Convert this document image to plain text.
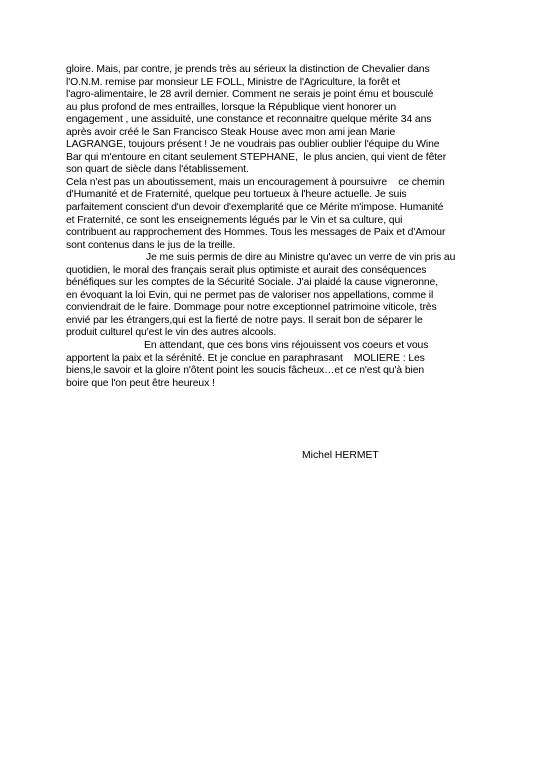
gloire. Mais, par contre, je prends très au sérieux la distinction de Chevalier dans
l'O.N.M. remise par monsieur LE FOLL, Ministre de l'Agriculture, la forêt et
l'agro-alimentaire, le 28 avril dernier. Comment ne serais je point ému et bousculé
au plus profond de mes entrailles, lorsque la République vient honorer un
engagement , une assiduité, une constance et reconnaitre quelque mérite 34 ans
après avoir créé le San Francisco Steak House avec mon ami jean Marie
LAGRANGE, toujours présent ! Je ne voudrais pas oublier oublier l'équipe du Wine
Bar qui m'entoure en citant seulement STEPHANE,  le plus ancien, qui vient de fêter
son quart de siècle dans l'établissement.
Cela n'est pas un aboutissement, mais un encouragement à poursuivre    ce chemin
d'Humanité et de Fraternité, quelque peu tortueux à l'heure actuelle. Je suis
parfaitement conscient d'un devoir d'exemplarité que ce Mérite m'impose. Humanité
et Fraternité, ce sont les enseignements légués par le Vin et sa culture, qui
contribuent au rapprochement des Hommes. Tous les messages de Paix et d'Amour
sont contenus dans le jus de la treille.
Je me suis permis de dire au Ministre qu'avec un verre de vin pris au
quotidien, le moral des français serait plus optimiste et aurait des conséquences
bénéfiques sur les comptes de la Sécurité Sociale. J'ai plaidé la cause vigneronne,
en évoquant la loi Evin, qui ne permet pas de valoriser nos appellations, comme il
conviendrait de le faire. Dommage pour notre exceptionnel patrimoine viticole, très
envié par les étrangers,qui est la fierté de notre pays. Il serait bon de séparer le
produit culturel qu'est le vin des autres alcools.
En attendant, que ces bons vins réjouissent vos coeurs et vous
apportent la paix et la sérénité. Et je conclue en paraphrasant    MOLIERE : Les
biens,le savoir et la gloire n'ôtent point les soucis fâcheux…et ce n'est qu'à bien
boire que l'on peut être heureux !
Michel HERMET
